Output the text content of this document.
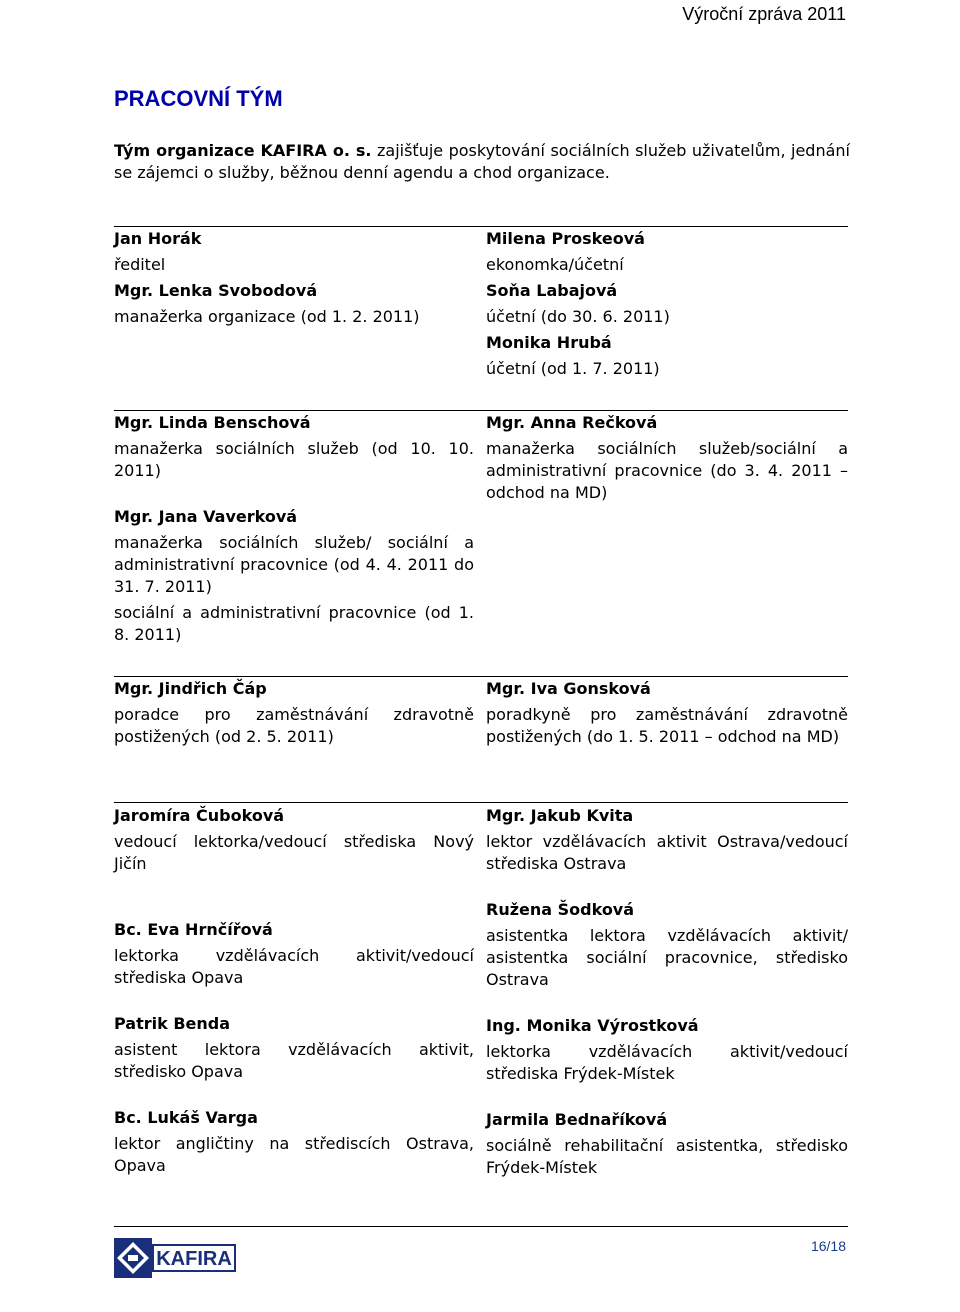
Výroční zpráva 2011
PRACOVNÍ TÝM
Tým organizace KAFIRA o. s. zajišťuje poskytování sociálních služeb uživatelům, jednání se zájemci o služby, běžnou denní agendu a chod organizace.
Jan Horák
ředitel
Mgr. Lenka Svobodová
manažerka organizace (od 1. 2. 2011)
Milena Proskeová
ekonomka/účetní
Soňa Labajová
účetní (do 30. 6. 2011)
Monika Hrubá
účetní (od 1. 7. 2011)
Mgr. Linda Benschová
manažerka sociálních služeb (od 10. 10. 2011)
Mgr. Jana Vaverková
manažerka sociálních služeb/ sociální a administrativní pracovnice (od 4. 4. 2011 do 31. 7. 2011)
sociální a administrativní pracovnice (od 1. 8. 2011)
Mgr. Anna Rečková
manažerka sociálních služeb/sociální a administrativní pracovnice (do 3. 4. 2011 – odchod na MD)
Mgr. Jindřich Čáp
poradce pro zaměstnávání zdravotně postižených (od 2. 5. 2011)
Mgr. Iva Gonsková
poradkyně pro zaměstnávání zdravotně postižených (do 1. 5. 2011 – odchod na MD)
Jaromíra Čuboková
vedoucí lektorka/vedoucí střediska Nový Jičín
Bc. Eva Hrnčířová
lektorka vzdělávacích aktivit/vedoucí střediska Opava
Patrik Benda
asistent lektora vzdělávacích aktivit, středisko Opava
Bc. Lukáš Varga
lektor angličtiny na střediscích Ostrava, Opava
Mgr. Jakub Kvita
lektor vzdělávacích aktivit Ostrava/vedoucí střediska Ostrava
Ružena Šodková
asistentka lektora vzdělávacích aktivit/ asistentka sociální pracovnice, středisko Ostrava
Ing. Monika Výrostková
lektorka vzdělávacích aktivit/vedoucí střediska Frýdek-Místek
Jarmila Bednaříková
sociálně rehabilitační asistentka, středisko Frýdek-Místek
KAFIRA
16/18
